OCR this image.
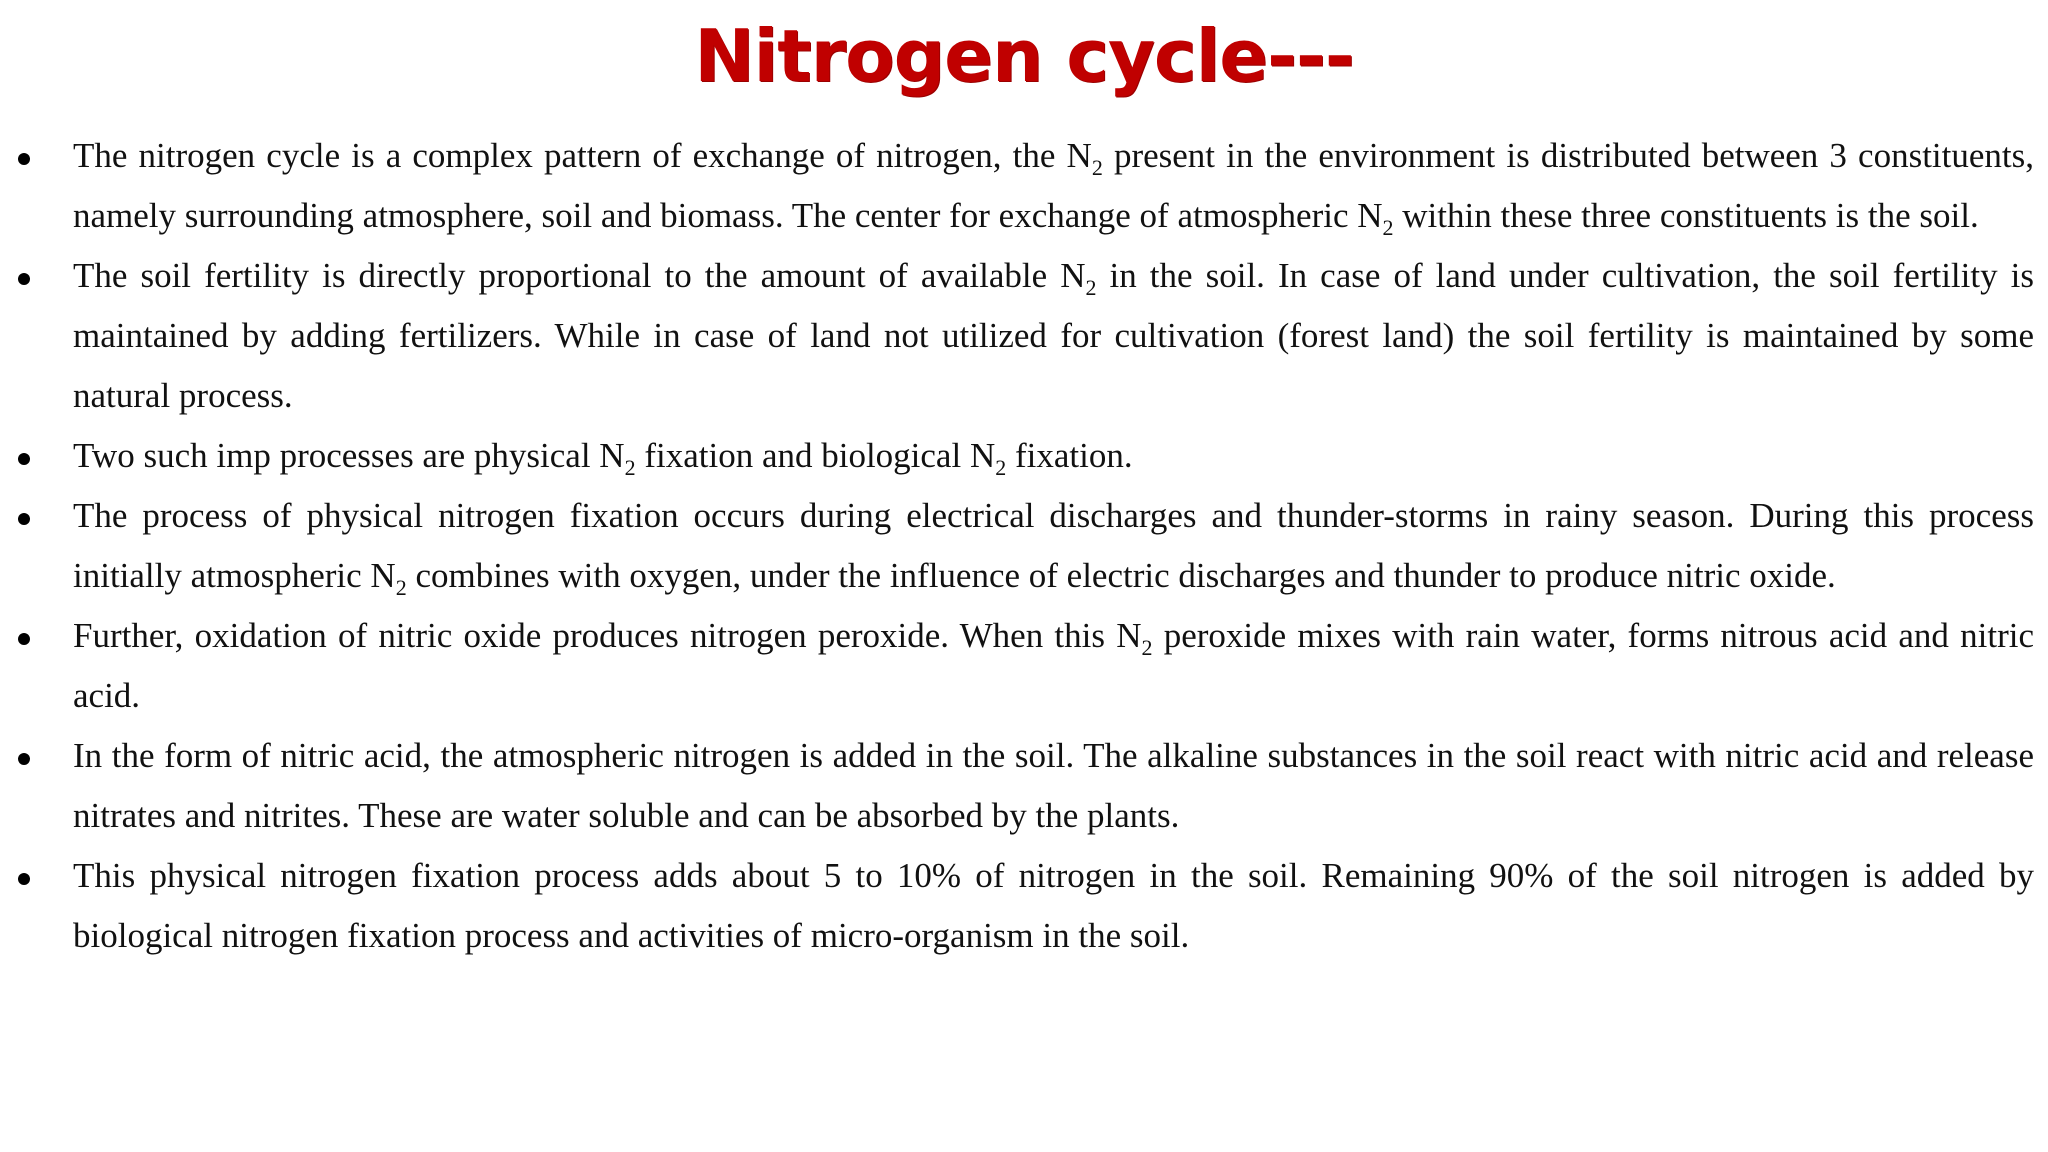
Nitrogen cycle---

The nitrogen cycle is a complex pattern of exchange of nitrogen, the $N_2$ present in the environment is distributed between 3 constituents, namely surrounding atmosphere, soil and biomass. The center for exchange of atmospheric $N_2$ within these three constituents is the soil.

The soil fertility is directly proportional to the amount of available $N_2$ in the soil. In case of land under cultivation, the soil fertility is maintained by adding fertilizers. While in case of land not utilized for cultivation (forest land) the soil fertility is maintained by some natural process.

Two such imp processes are physical $N_2$ fixation and biological $N_2$ fixation.

The process of physical nitrogen fixation occurs during electrical discharges and thunder-storms in rainy season. During this process initially atmospheric $N_2$ combines with oxygen, under the influence of electric discharges and thunder to produce nitric oxide.

Further, oxidation of nitric oxide produces nitrogen peroxide. When this $N_2$ peroxide mixes with rain water, forms nitrous acid and nitric acid.

In the form of nitric acid, the atmospheric nitrogen is added in the soil. The alkaline substances in the soil react with nitric acid and release nitrates and nitrites. These are water soluble and can be absorbed by the plants.

This physical nitrogen fixation process adds about 5 to 10% of nitrogen in the soil. Remaining 90% of the soil nitrogen is added by biological nitrogen fixation process and activities of micro-organism in the soil.
